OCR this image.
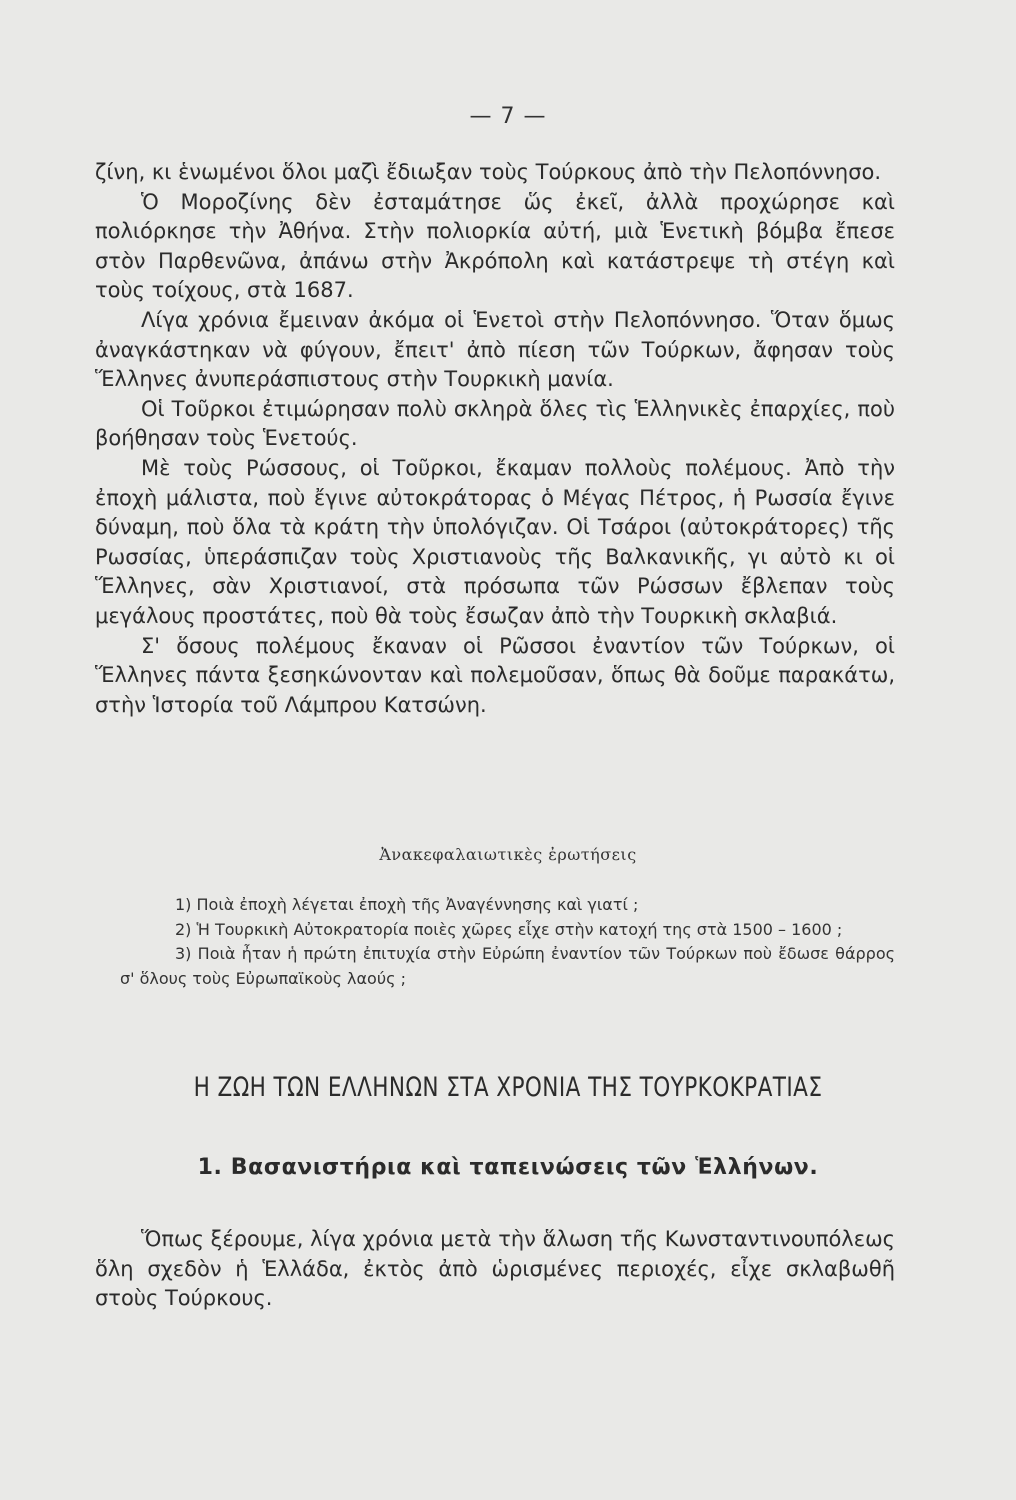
— 7 —

ζίνη, κι ἑνωμένοι ὅλοι μαζὶ ἔδιωξαν τοὺς Τούρκους ἀπὸ τὴν Πελοπόννησο.

Ὁ Μοροζίνης δὲν ἐσταμάτησε ὥς ἐκεῖ, ἀλλὰ προχώρησε καὶ πολιόρκησε τὴν Ἀθήνα. Στὴν πολιορκία αὐτή, μιὰ Ἑνετικὴ βόμβα ἔπεσε στὸν Παρθενῶνα, ἀπάνω στὴν Ἀκρόπολη καὶ κατάστρεψε τὴ στέγη καὶ τοὺς τοίχους, στὰ 1687.

Λίγα χρόνια ἔμειναν ἀκόμα οἱ Ἑνετοὶ στὴν Πελοπόννησο. Ὅταν ὅμως ἀναγκάστηκαν νὰ φύγουν, ἔπειτ' ἀπὸ πίεση τῶν Τούρκων, ἄφησαν τοὺς Ἕλληνες ἀνυπεράσπιστους στὴν Τουρκικὴ μανία.

Οἱ Τοῦρκοι ἐτιμώρησαν πολὺ σκληρὰ ὅλες τὶς Ἑλληνικὲς ἐπαρχίες, ποὺ βοήθησαν τοὺς Ἑνετούς.

Μὲ τοὺς Ρώσσους, οἱ Τοῦρκοι, ἔκαμαν πολλοὺς πολέμους. Ἀπὸ τὴν ἐποχὴ μάλιστα, ποὺ ἔγινε αὐτοκράτορας ὁ Μέγας Πέτρος, ἡ Ρωσσία ἔγινε δύναμη, ποὺ ὅλα τὰ κράτη τὴν ὑπολόγιζαν. Οἱ Τσάροι (αὐτοκράτορες) τῆς Ρωσσίας, ὑπεράσπιζαν τοὺς Χριστιανοὺς τῆς Βαλκανικῆς, γι αὐτὸ κι οἱ Ἕλληνες, σὰν Χριστιανοί, στὰ πρόσωπα τῶν Ρώσσων ἔβλεπαν τοὺς μεγάλους προστάτες, ποὺ θὰ τοὺς ἔσωζαν ἀπὸ τὴν Τουρκικὴ σκλαβιά.

Σ' ὅσους πολέμους ἔκαναν οἱ Ρῶσσοι ἐναντίον τῶν Τούρκων, οἱ Ἕλληνες πάντα ξεσηκώνονταν καὶ πολεμοῦσαν, ὅπως θὰ δοῦμε παρακάτω, στὴν Ἱστορία τοῦ Λάμπρου Κατσώνη.

Ἀνακεφαλαιωτικὲς ἐρωτήσεις

1) Ποιὰ ἐποχὴ λέγεται ἐποχὴ τῆς Ἀναγέννησης καὶ γιατί ;

2) Ἡ Τουρκικὴ Αὐτοκρατορία ποιὲς χῶρες εἶχε στὴν κατοχή της στὰ 1500 – 1600 ;

3) Ποιὰ ἦταν ἡ πρώτη ἐπιτυχία στὴν Εὐρώπη ἐναντίον τῶν Τούρκων ποὺ ἔδωσε θάρρος σ' ὅλους τοὺς Εὐρωπαϊκοὺς λαούς ;

Η ΖΩΗ ΤΩΝ ΕΛΛΗΝΩΝ ΣΤΑ ΧΡΟΝΙΑ ΤΗΣ ΤΟΥΡΚΟΚΡΑΤΙΑΣ
1. Βασανιστήρια καὶ ταπεινώσεις τῶν Ἑλλήνων.

Ὅπως ξέρουμε, λίγα χρόνια μετὰ τὴν ἅλωση τῆς Κωνσταντινουπόλεως ὅλη σχεδὸν ἡ Ἑλλάδα, ἐκτὸς ἀπὸ ὡρισμένες περιοχές, εἶχε σκλαβωθῆ στοὺς Τούρκους.
